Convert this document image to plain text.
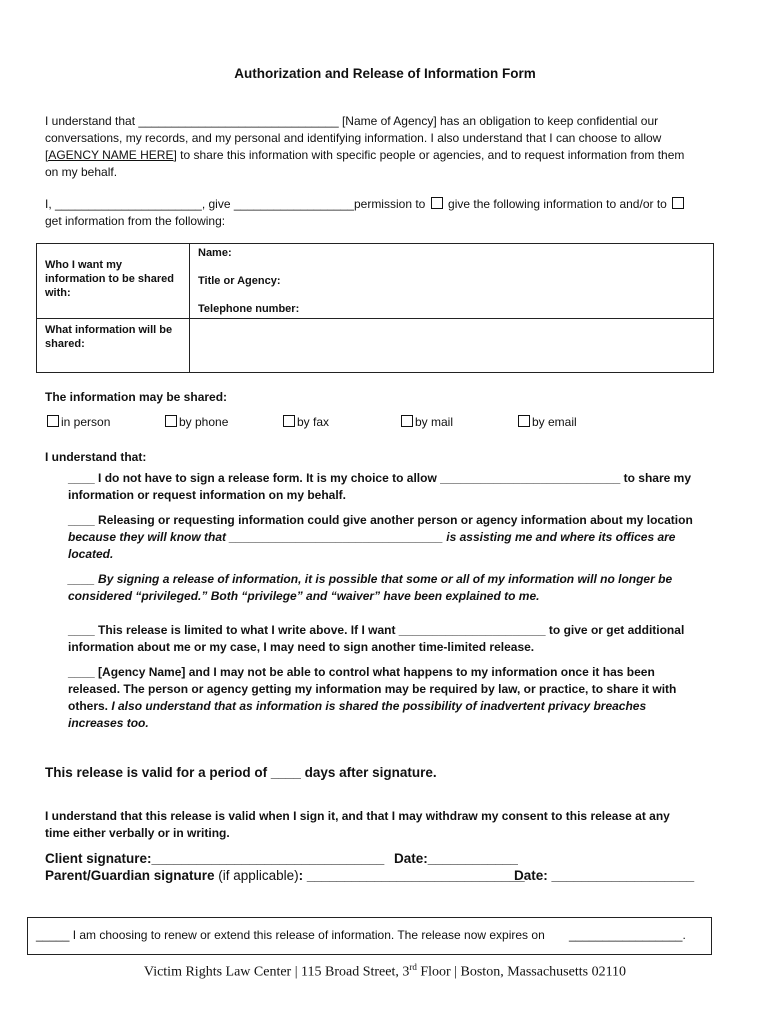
Authorization and Release of Information Form
I understand that ______________________________ [Name of Agency] has an obligation to keep confidential our
conversations, my records, and my personal and identifying information. I also understand that I can choose to allow
[AGENCY NAME HERE] to share this information with specific people or agencies, and to request information from them
on my behalf.
I, ______________________, give __________________permission to give the following information to and/or to
get information from the following:
Who I want my information to be shared with:	Name:
Title or Agency:
Telephone number:

What information will be shared:	
The information may be shared:
in person	by phone	by fax	by mail	by email
I understand that:
____ I do not have to sign a release form. It is my choice to allow ___________________________ to share my
information or request information on my behalf.
____ Releasing or requesting information could give another person or agency information about my location
because they will know that ________________________________ is assisting me and where its offices are
located.
____ By signing a release of information, it is possible that some or all of my information will no longer be
considered “privileged.” Both “privilege” and “waiver” have been explained to me.
____ This release is limited to what I write above. If I want ______________________ to give or get additional
information about me or my case, I may need to sign another time-limited release.
____ [Agency Name] and I may not be able to control what happens to my information once it has been
released. The person or agency getting my information may be required by law, or practice, to share it with
others. I also understand that as information is shared the possibility of inadvertent privacy breaches
increases too.
This release is valid for a period of ____ days after signature.
I understand that this release is valid when I sign it, and that I may withdraw my consent to this release at any
time either verbally or in writing.
Client signature:_______________________________ Date:____________
Parent/Guardian signature (if applicable): _____________________________
Date: ___________________
_____ I am choosing to renew or extend this release of information. The release now expires on _________________.
Victim Rights Law Center | 115 Broad Street, 3rd Floor | Boston, Massachusetts 02110
